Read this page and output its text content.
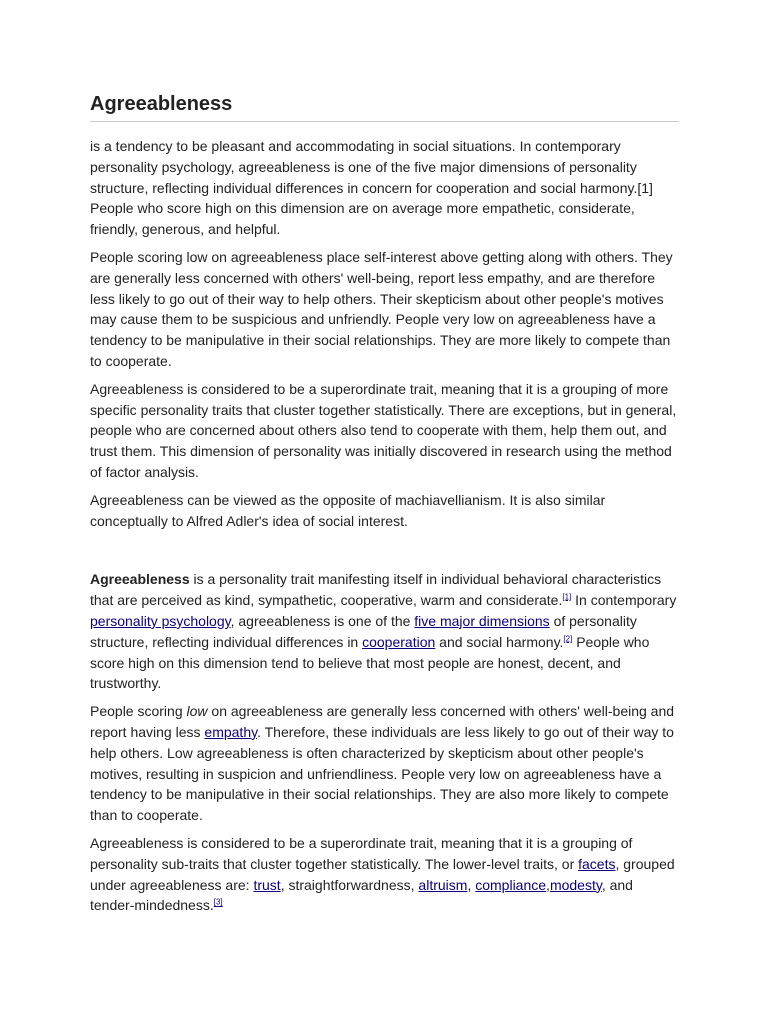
Agreeableness

is a tendency to be pleasant and accommodating in social situations. In contemporary personality psychology, agreeableness is one of the five major dimensions of personality structure, reflecting individual differences in concern for cooperation and social harmony.[1] People who score high on this dimension are on average more empathetic, considerate, friendly, generous, and helpful.

People scoring low on agreeableness place self-interest above getting along with others. They are generally less concerned with others' well-being, report less empathy, and are therefore less likely to go out of their way to help others. Their skepticism about other people's motives may cause them to be suspicious and unfriendly. People very low on agreeableness have a tendency to be manipulative in their social relationships. They are more likely to compete than to cooperate.

Agreeableness is considered to be a superordinate trait, meaning that it is a grouping of more specific personality traits that cluster together statistically. There are exceptions, but in general, people who are concerned about others also tend to cooperate with them, help them out, and trust them. This dimension of personality was initially discovered in research using the method of factor analysis.

Agreeableness can be viewed as the opposite of machiavellianism. It is also similar conceptually to Alfred Adler's idea of social interest.

Agreeableness is a personality trait manifesting itself in individual behavioral characteristics that are perceived as kind, sympathetic, cooperative, warm and considerate.[1] In contemporary personality psychology, agreeableness is one of the five major dimensions of personality structure, reflecting individual differences in cooperation and social harmony.[2] People who score high on this dimension tend to believe that most people are honest, decent, and trustworthy.

People scoring low on agreeableness are generally less concerned with others' well-being and report having less empathy. Therefore, these individuals are less likely to go out of their way to help others. Low agreeableness is often characterized by skepticism about other people's motives, resulting in suspicion and unfriendliness. People very low on agreeableness have a tendency to be manipulative in their social relationships. They are also more likely to compete than to cooperate.

Agreeableness is considered to be a superordinate trait, meaning that it is a grouping of personality sub-traits that cluster together statistically. The lower-level traits, or facets, grouped under agreeableness are: trust, straightforwardness, altruism, compliance,modesty, and tender-mindedness.[3]
